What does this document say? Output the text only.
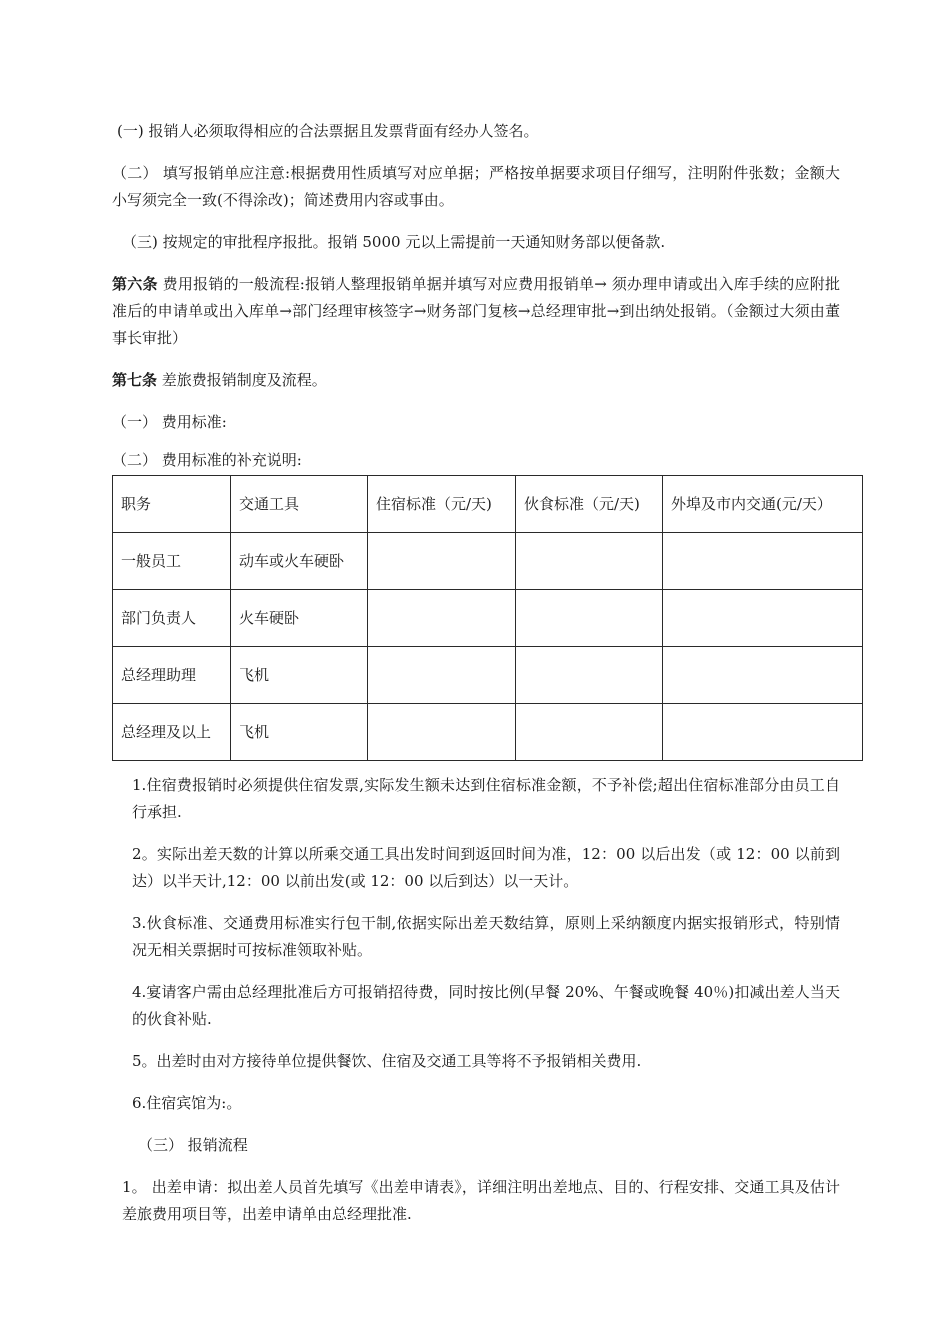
(一) 报销人必须取得相应的合法票据且发票背面有经办人签名。

（二） 填写报销单应注意:根据费用性质填写对应单据；严格按单据要求项目仔细写，注明附件张数；金额大小写须完全一致(不得涂改)；简述费用内容或事由。

（三) 按规定的审批程序报批。报销 5000 元以上需提前一天通知财务部以便备款.

第六条 费用报销的一般流程:报销人整理报销单据并填写对应费用报销单→ 须办理申请或出入库手续的应附批准后的申请单或出入库单→部门经理审核签字→财务部门复核→总经理审批→到出纳处报销。（金额过大须由董事长审批）

第七条 差旅费报销制度及流程。

（一） 费用标准:

（二） 费用标准的补充说明:

职务	交通工具	住宿标准（元/天)	伙食标准（元/天)	外埠及市内交通(元/天）
一般员工	动车或火车硬卧			
部门负责人	火车硬卧			
总经理助理	飞机			
总经理及以上	飞机			

1.住宿费报销时必须提供住宿发票,实际发生额未达到住宿标准金额，不予补偿;超出住宿标准部分由员工自行承担.

2。实际出差天数的计算以所乘交通工具出发时间到返回时间为准，12：00 以后出发（或 12：00 以前到达）以半天计,12：00 以前出发(或 12：00 以后到达）以一天计。

3.伙食标准、交通费用标准实行包干制,依据实际出差天数结算，原则上采纳额度内据实报销形式，特别情况无相关票据时可按标准领取补贴。

4.宴请客户需由总经理批准后方可报销招待费，同时按比例(早餐 20%、午餐或晚餐 40％)扣减出差人当天的伙食补贴.

5。出差时由对方接待单位提供餐饮、住宿及交通工具等将不予报销相关费用.

6.住宿宾馆为:。

（三） 报销流程

1。 出差申请：拟出差人员首先填写《出差申请表》，详细注明出差地点、目的、行程安排、交通工具及估计差旅费用项目等，出差申请单由总经理批准.
